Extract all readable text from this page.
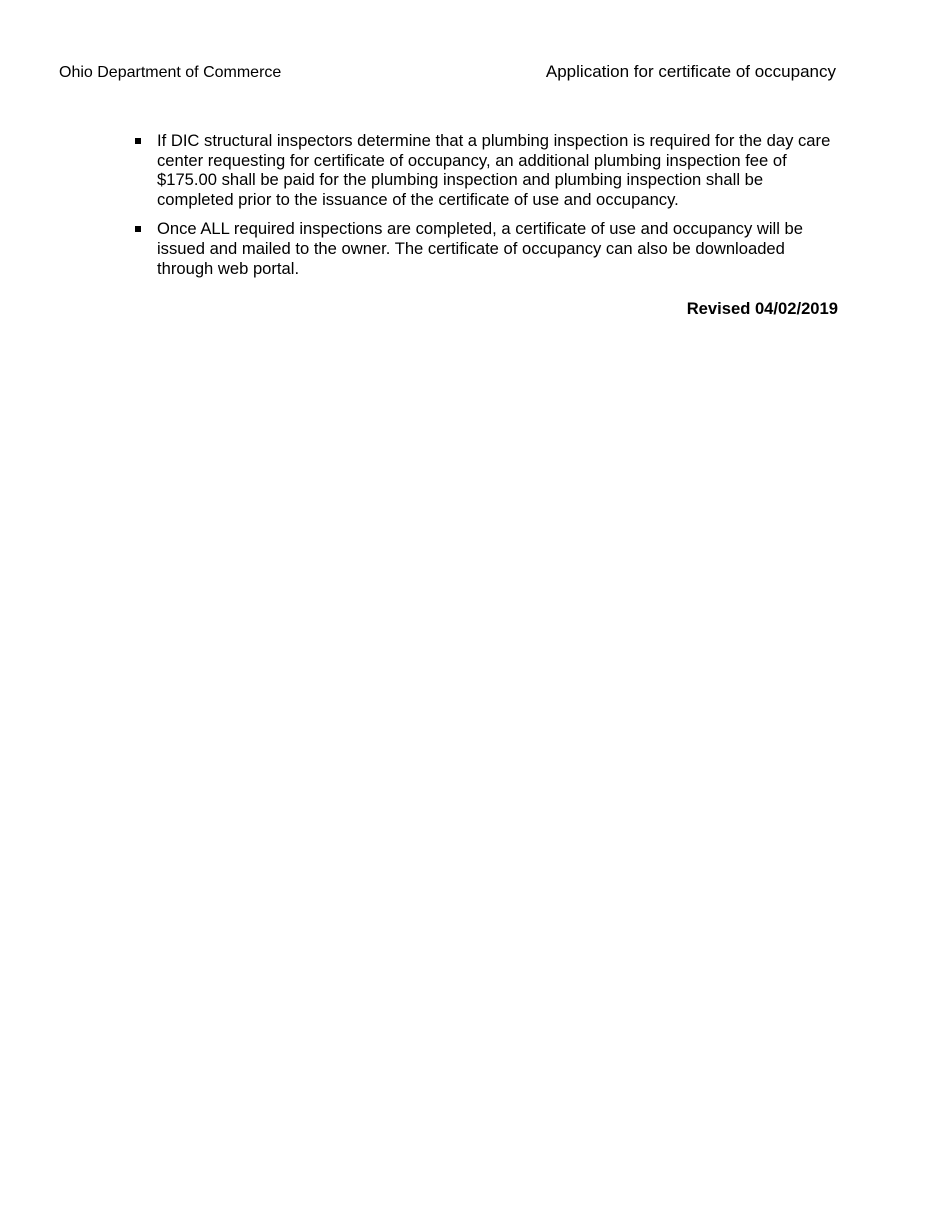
Ohio Department of Commerce	Application for certificate of occupancy
If DIC structural inspectors determine that a plumbing inspection is required for the day care center requesting for certificate of occupancy, an additional plumbing inspection fee of $175.00 shall be paid for the plumbing inspection and plumbing inspection shall be completed prior to the issuance of the certificate of use and occupancy.
Once ALL required inspections are completed, a certificate of use and occupancy will be issued and mailed to the owner. The certificate of occupancy can also be downloaded through web portal.
Revised 04/02/2019
